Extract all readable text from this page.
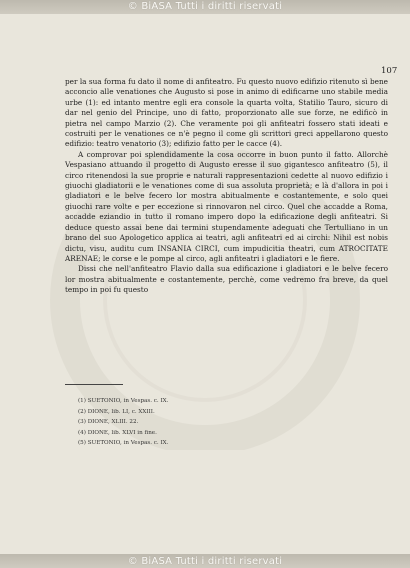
© BiASA Tutti i diritti riservati
107

per la sua forma fu dato il nome di anfiteatro. Fu questo nuovo edifizio ritenuto sì bene acconcio alle venationes che Augusto si pose in animo di edificarne uno stabile media urbe (1): ed intanto mentre egli era console la quarta volta, Statilio Tauro, sicuro di dar nel genio del Principe, uno di fatto, proporzionato alle sue forze, ne edificò in pietra nel campo Marzio (2). Che veramente poi gli anfiteatri fossero stati ideati e costruiti per le venationes ce n'è pegno il come gli scrittori greci appellarono questo edifizio: teatro venatorio (3); edifizio fatto per le cacce (4).

A comprovar poi splendidamente la cosa occorre in buon punto il fatto. Allorchè Vespasiano attuando il progetto di Augusto eresse il suo gigantesco anfiteatro (5), il circo ritenendosi la sue proprie e naturali rappresentazioni cedette al nuovo edifizio i giuochi gladiatorii e le venationes come di sua assoluta proprietà; e là d'allora in poi i gladiatori e le belve fecero lor mostra abitualmente e costantemente, e solo quei giuochi rare volte e per eccezione si rinnovaron nel circo. Quel che accadde a Roma, accadde eziandio in tutto il romano impero dopo la edificazione degli anfiteatri. Si deduce questo assai bene dai termini stupendamente adeguati che Tertulliano in un brano del suo Apologetico applica ai teatri, agli anfiteatri ed ai circhi: Nihil est nobis dictu, visu, auditu cum INSANIA CIRCI, cum impudicitia theatri, cum ATROCITATE ARENAE; le corse e le pompe al circo, agli anfiteatri i gladiatori e le fiere.

Dissi che nell'anfiteatro Flavio dalla sua edificazione i gladiatori e le belve fecero lor mostra abitualmente e costantemente, perchè, come vedremo fra breve, da quel tempo in poi fu questo

(1) SUETONIO, in Vespas. c. IX.
(2) DIONE, lib. LI, c. XXIII.
(3) DIONE, XLIII. 22.
(4) DIONE, lib. XLVI in fine.
(5) SUETONIO, in Vespas. c. IX.
© BiASA Tutti i diritti riservati
